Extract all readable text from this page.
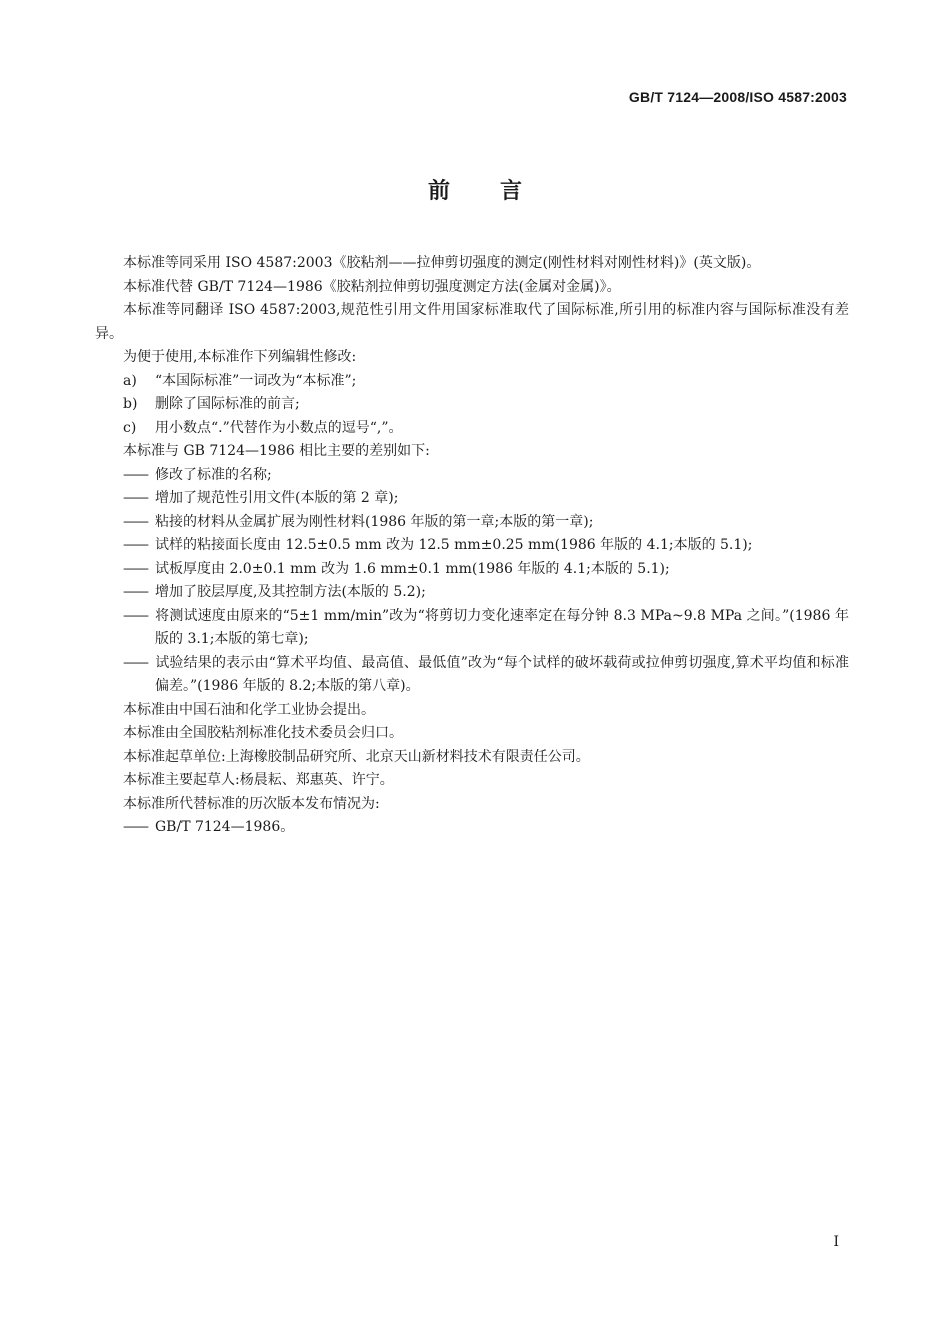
GB/T 7124—2008/ISO 4587:2003
前言

本标准等同采用 ISO 4587:2003《胶粘剂——拉伸剪切强度的测定(刚性材料对刚性材料)》(英文版)。

本标准代替 GB/T 7124—1986《胶粘剂拉伸剪切强度测定方法(金属对金属)》。

本标准等同翻译 ISO 4587:2003,规范性引用文件用国家标准取代了国际标准,所引用的标准内容与国际标准没有差异。

为便于使用,本标准作下列编辑性修改:

a)	“本国际标准”一词改为“本标准”;
b)	删除了国际标准的前言;
c)	用小数点“.”代替作为小数点的逗号“,”。

本标准与 GB 7124—1986 相比主要的差别如下:

—— 修改了标准的名称;

—— 增加了规范性引用文件(本版的第 2 章);

—— 粘接的材料从金属扩展为刚性材料(1986 年版的第一章;本版的第一章);

—— 试样的粘接面长度由 12.5±0.5 mm 改为 12.5 mm±0.25 mm(1986 年版的 4.1;本版的 5.1);

—— 试板厚度由 2.0±0.1 mm 改为 1.6 mm±0.1 mm(1986 年版的 4.1;本版的 5.1);

—— 增加了胶层厚度,及其控制方法(本版的 5.2);

—— 将测试速度由原来的“5±1 mm/min”改为“将剪切力变化速率定在每分钟 8.3 MPa~9.8 MPa 之间。”(1986 年版的 3.1;本版的第七章);

—— 试验结果的表示由“算术平均值、最高值、最低值”改为“每个试样的破坏载荷或拉伸剪切强度,算术平均值和标准偏差。”(1986 年版的 8.2;本版的第八章)。

本标准由中国石油和化学工业协会提出。

本标准由全国胶粘剂标准化技术委员会归口。

本标准起草单位:上海橡胶制品研究所、北京天山新材料技术有限责任公司。

本标准主要起草人:杨晨耘、郑惠英、许宁。

本标准所代替标准的历次版本发布情况为:

—— GB/T 7124—1986。

I
